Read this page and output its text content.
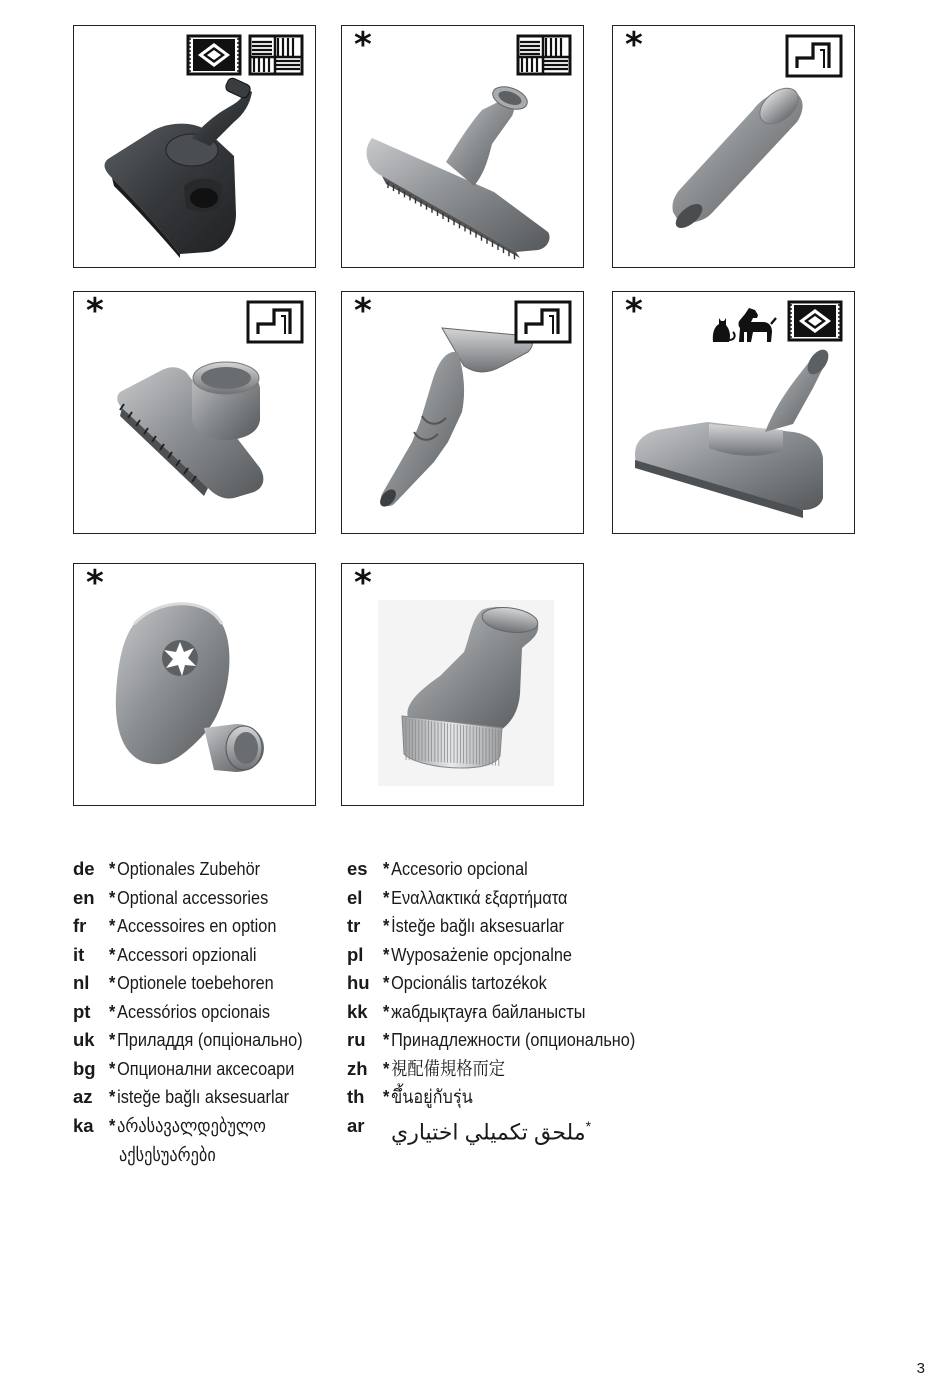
*	*
*	*	*
*	*
de *Optionales Zubehör
en *Optional accessories
fr *Accessoires en option
it *Accessori opzionali
nl *Optionele toebehoren
pt *Acessórios opcionais
uk *Приладдя (опціонально)
bg *Опционални аксесоари
az *isteğe bağlı aksesuarlar
ka *არასავალდებულო
აქსესუარები
es *Accesorio opcional
el *Εναλλακτικά εξαρτήματα
tr *İsteğe bağlı aksesuarlar
pl *Wyposażenie opcjonalne
hu *Opcionális tartozékok
kk *жабдықтауға байланысты
ru *Принадлежности (опционально)
zh *視配備規格而定
th *ขึ้นอยู่กับรุ่น
ar	*ملحق تكميلي اختياري
3
